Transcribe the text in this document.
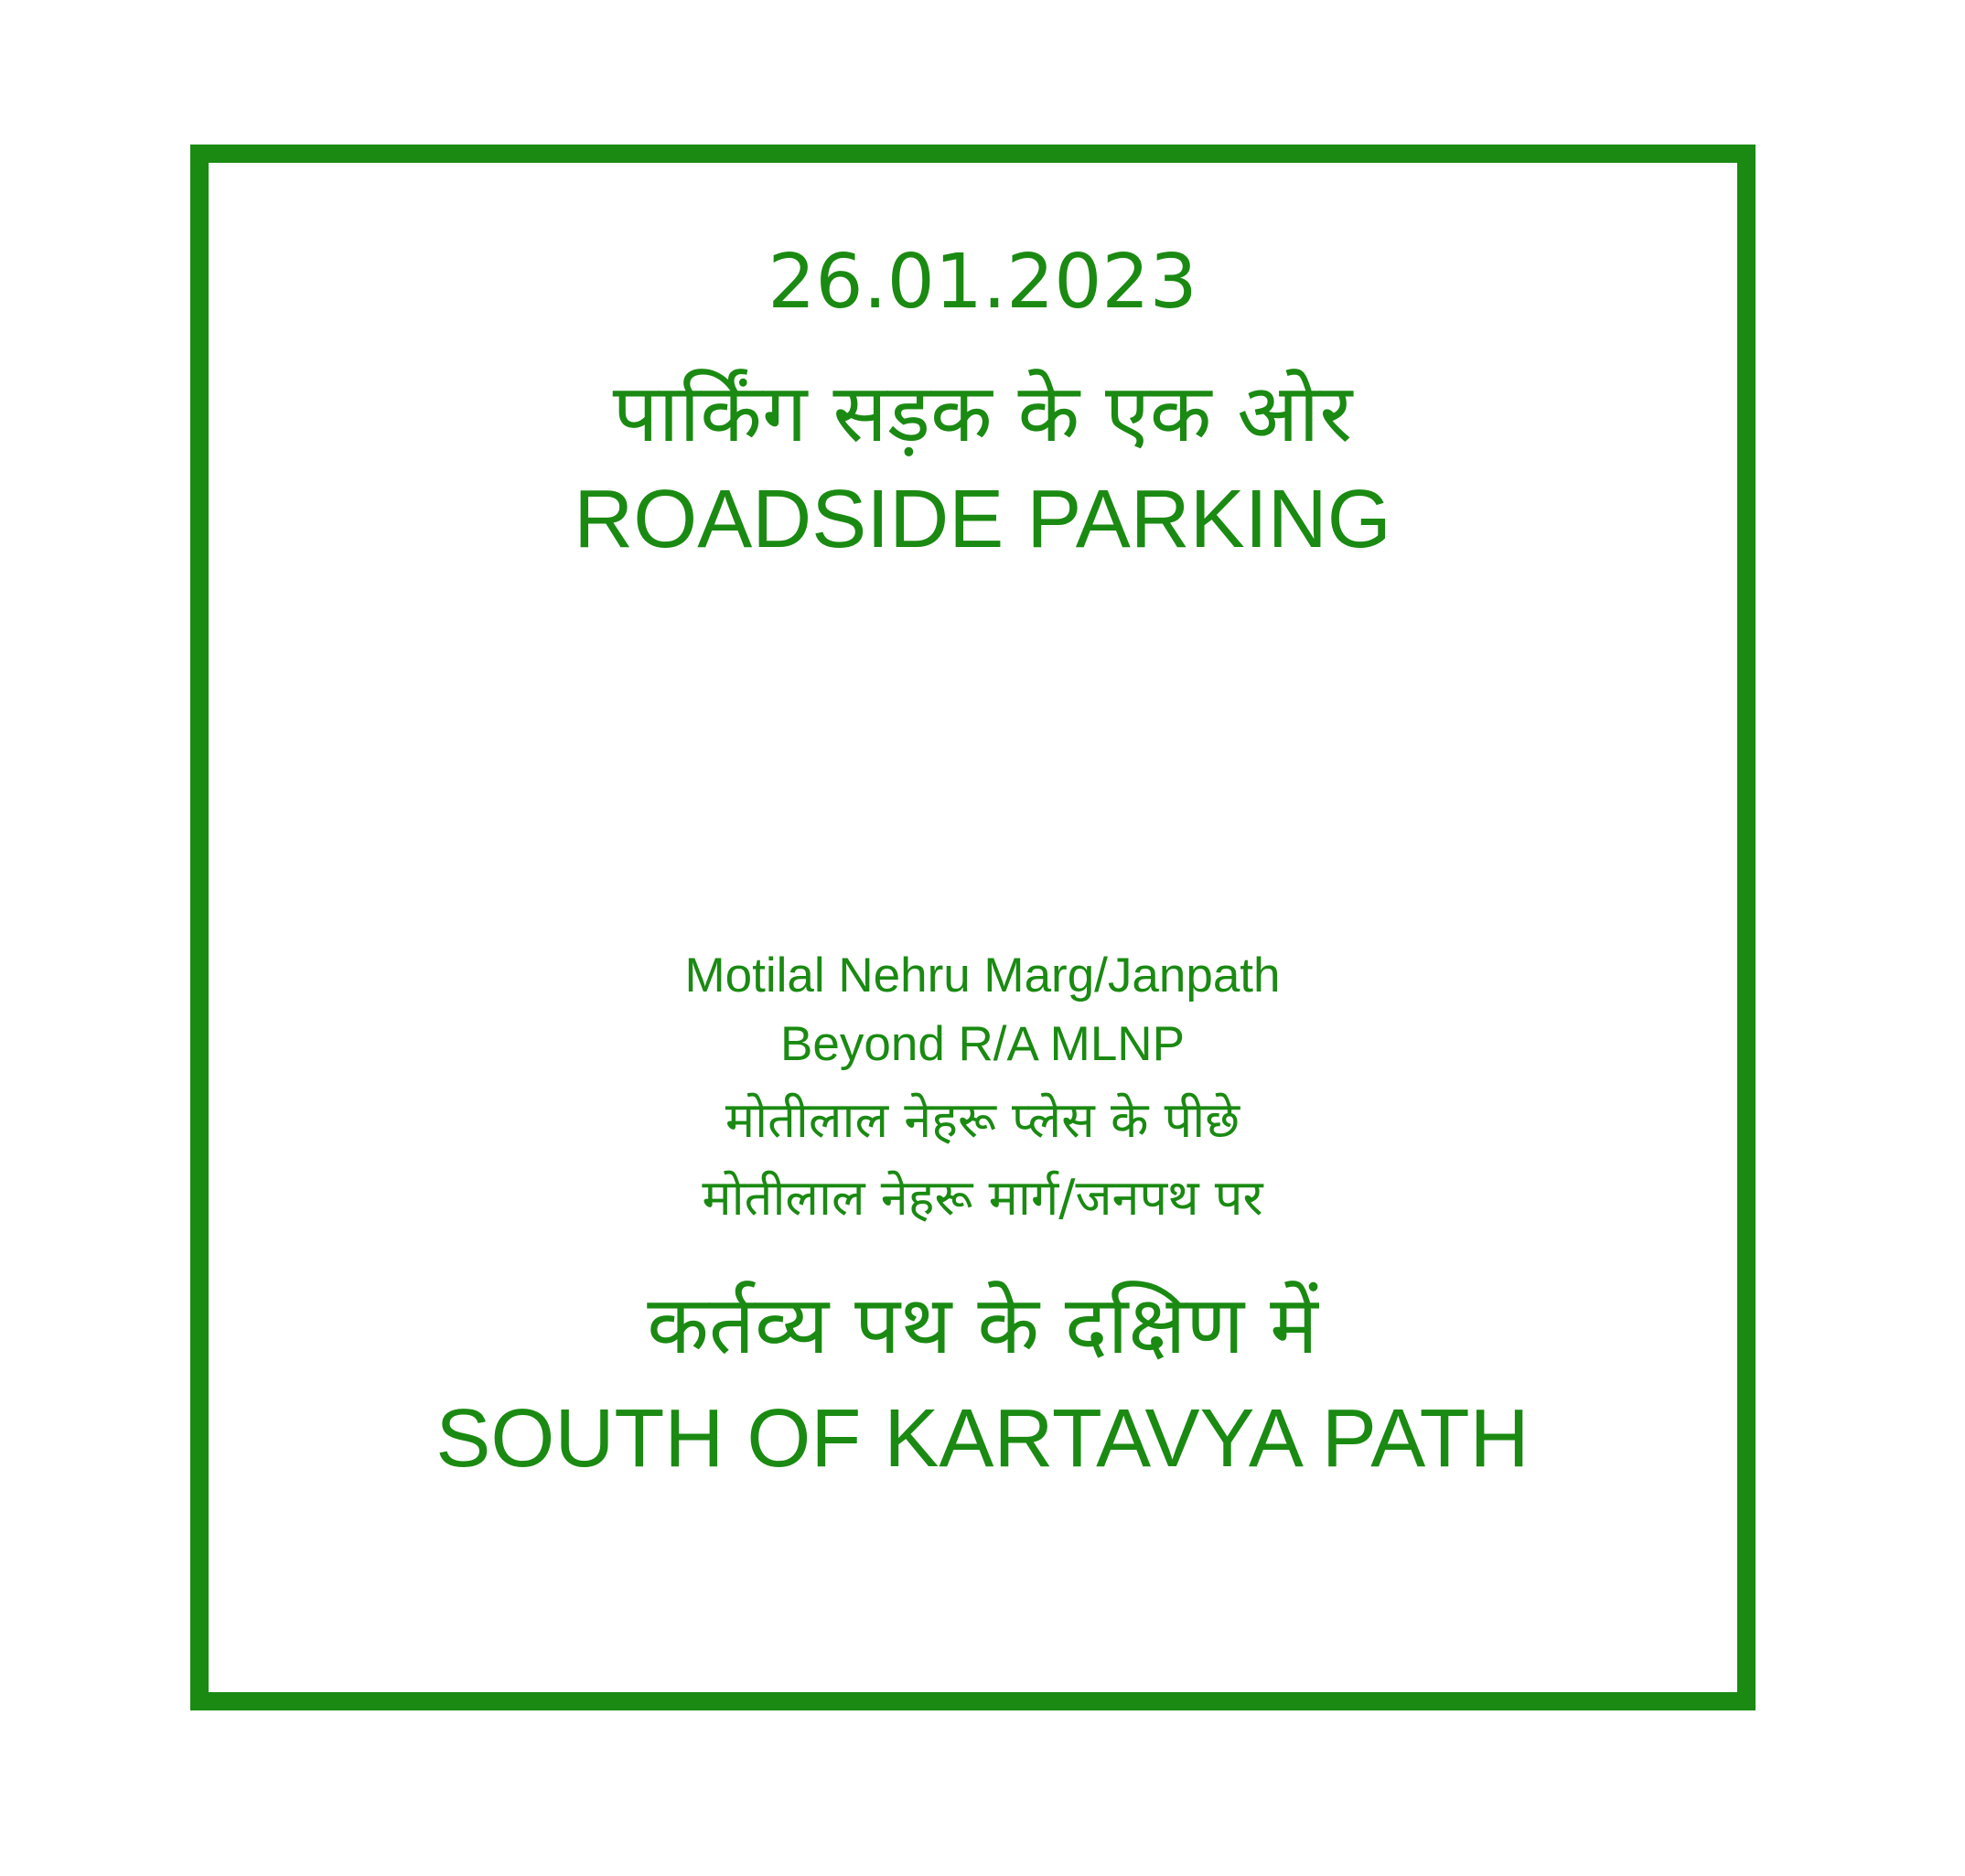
26.01.2023
पार्किंग सड़क के एक ओर
ROADSIDE PARKING
Motilal Nehru Marg/Janpath
Beyond R/A MLNP
मोतीलाल नेहरू प्लेस के पीछे
मोतीलाल नेहरू मार्ग/जनपथ पर
कर्तव्य पथ के दक्षिण में
SOUTH OF KARTAVYA PATH
